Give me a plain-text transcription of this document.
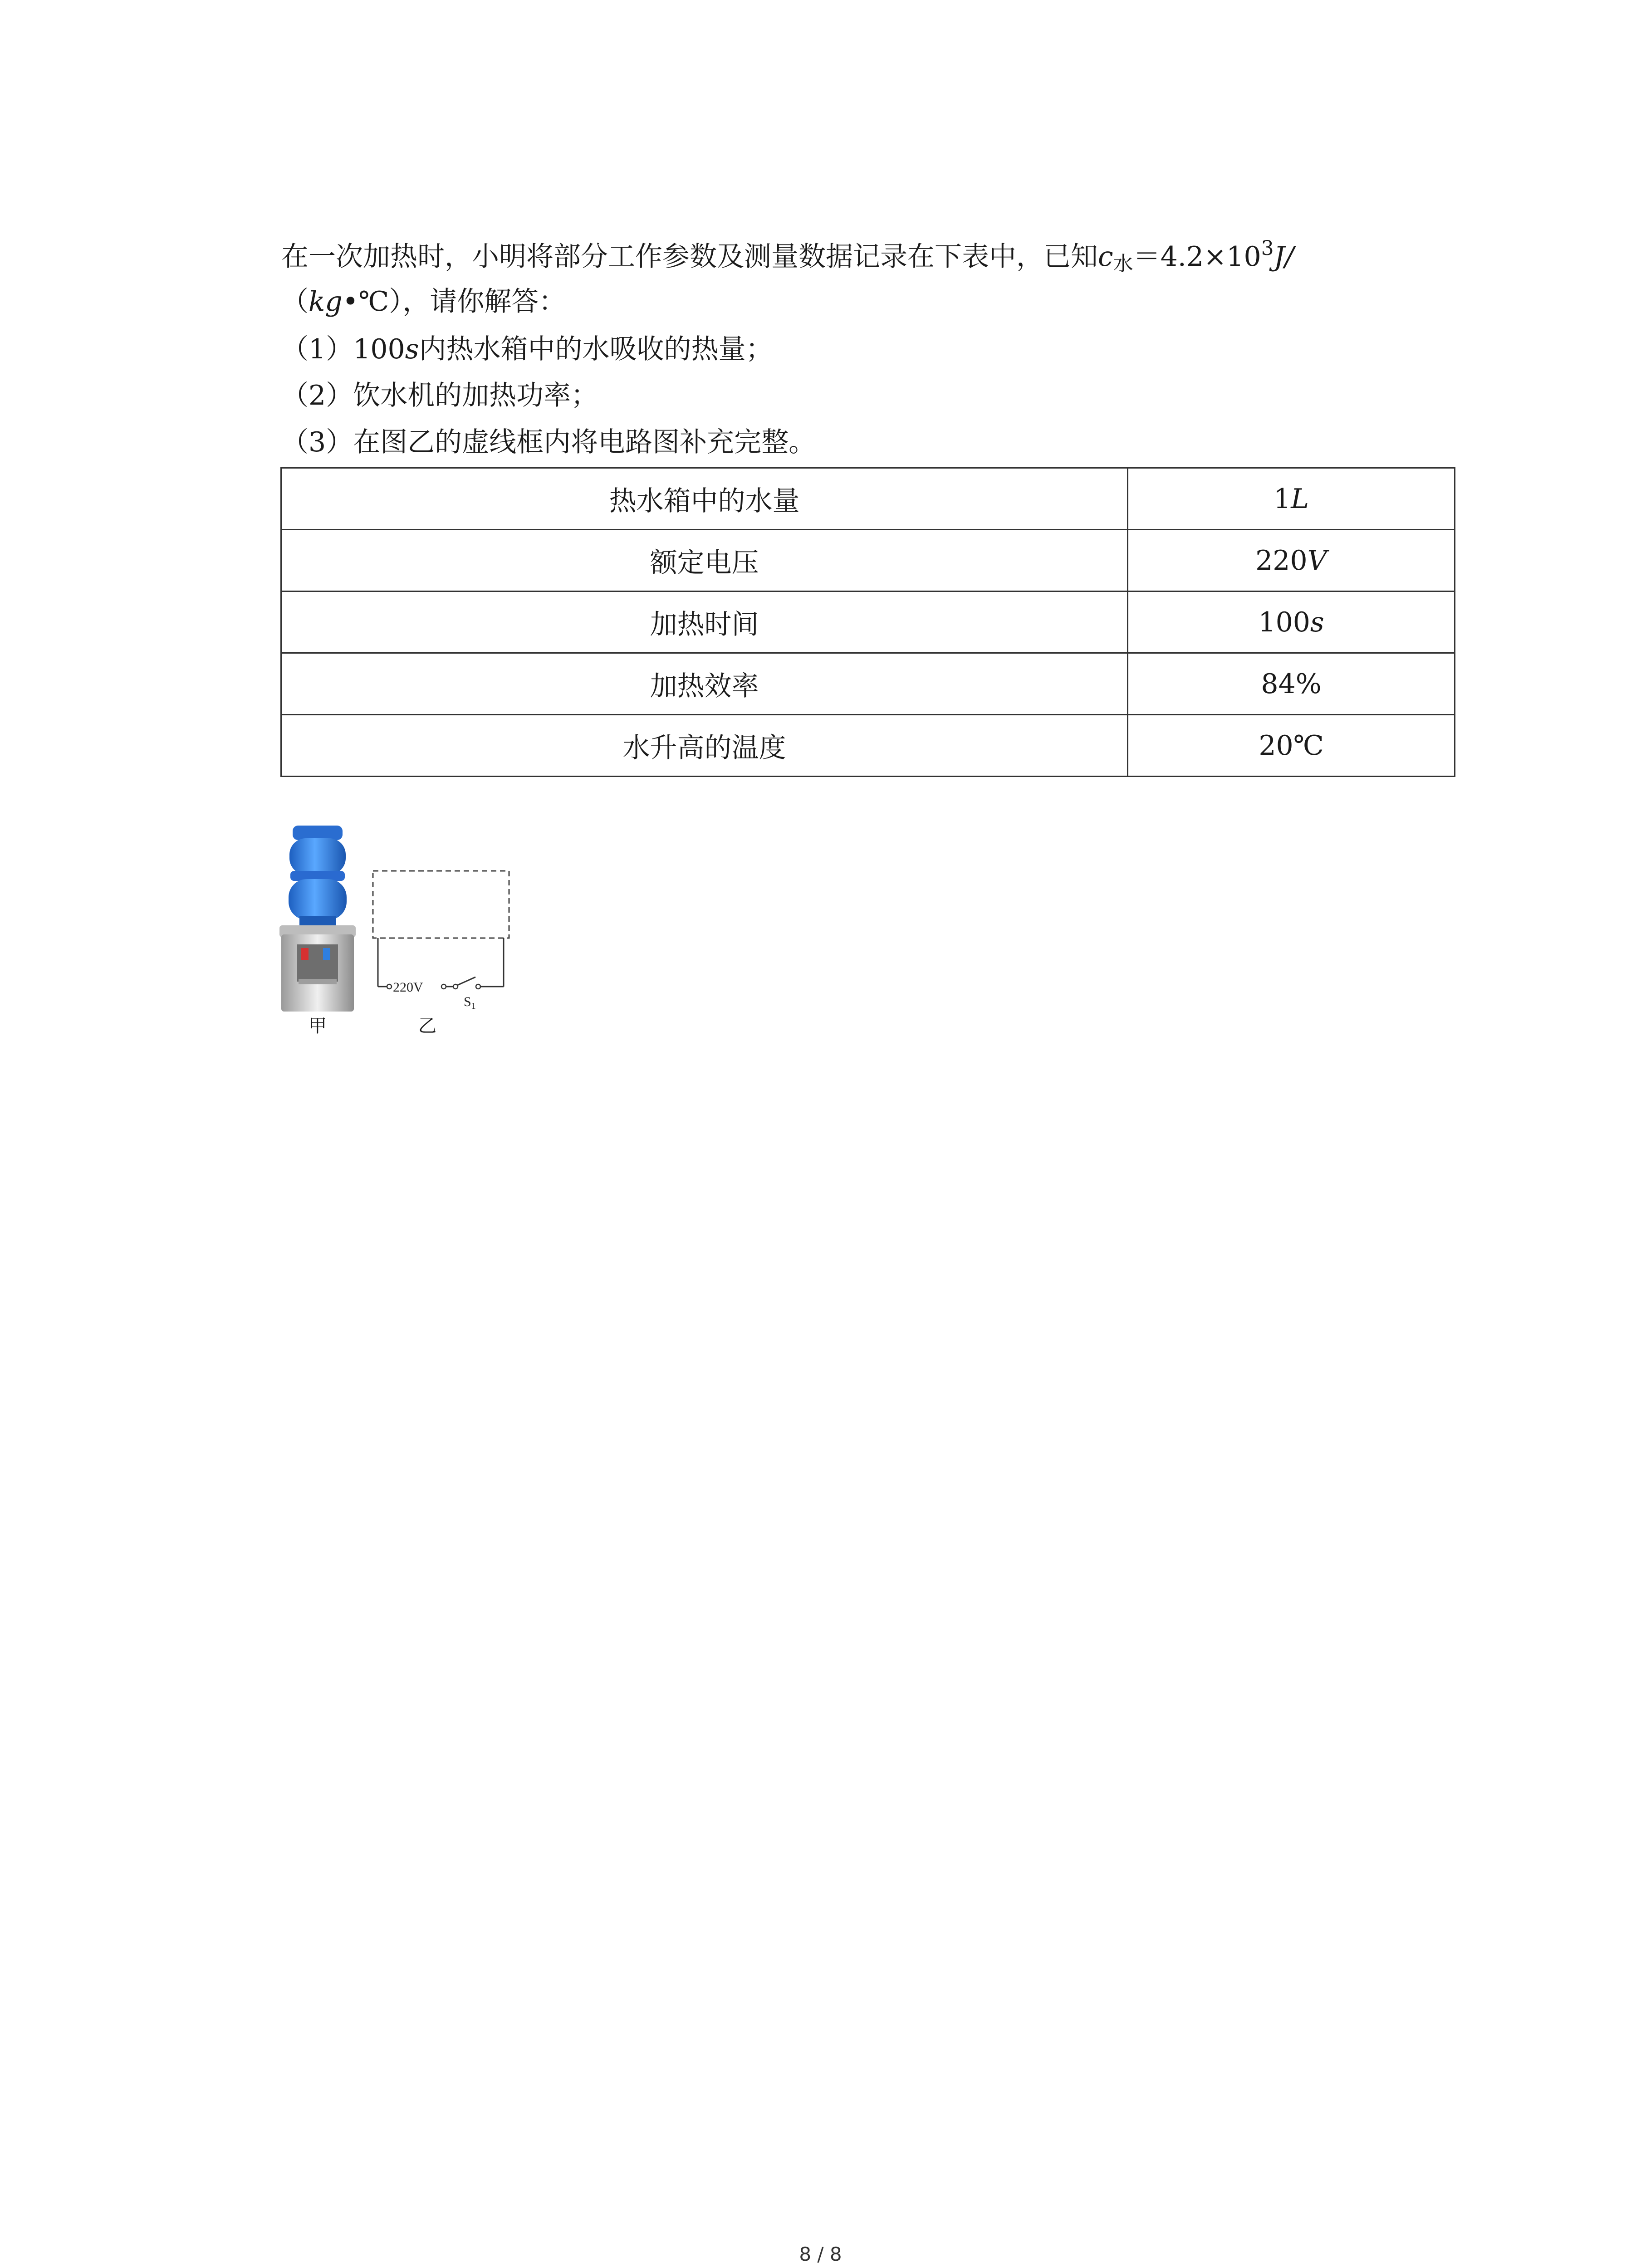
在一次加热时，小明将部分工作参数及测量数据记录在下表中，已知$c_水=4.2\times 10^3J/$
（kg•℃），请你解答：
（1）100s内热水箱中的水吸收的热量；
（2）饮水机的加热功率；
（3）在图乙的虚线框内将电路图补充完整。
热水箱中的水量	1L
额定电压	220V
加热时间	100s
加热效率	84%
水升高的温度	20℃
220V
$S_1$
甲	乙
8 / 8
